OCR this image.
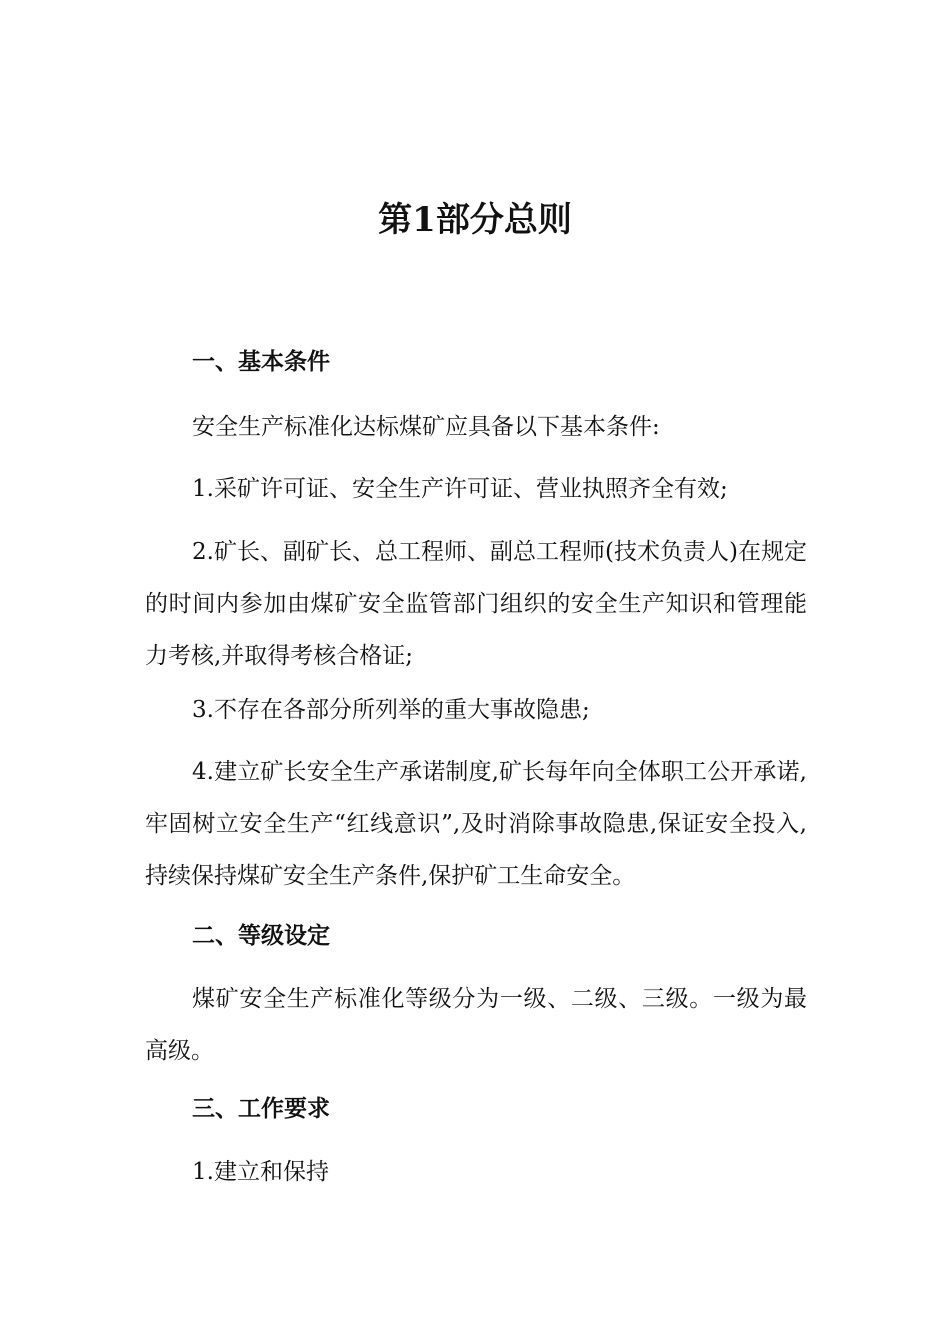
第1部分总则

一、基本条件

安全生产标准化达标煤矿应具备以下基本条件:

1.采矿许可证、安全生产许可证、营业执照齐全有效;

2.矿长、副矿长、总工程师、副总工程师(技术负责人)在规定的时间内参加由煤矿安全监管部门组织的安全生产知识和管理能力考核,并取得考核合格证;

3.不存在各部分所列举的重大事故隐患;

4.建立矿长安全生产承诺制度,矿长每年向全体职工公开承诺,牢固树立安全生产“红线意识”,及时消除事故隐患,保证安全投入,持续保持煤矿安全生产条件,保护矿工生命安全。

二、等级设定

煤矿安全生产标准化等级分为一级、二级、三级。一级为最高级。

三、工作要求

1.建立和保持
